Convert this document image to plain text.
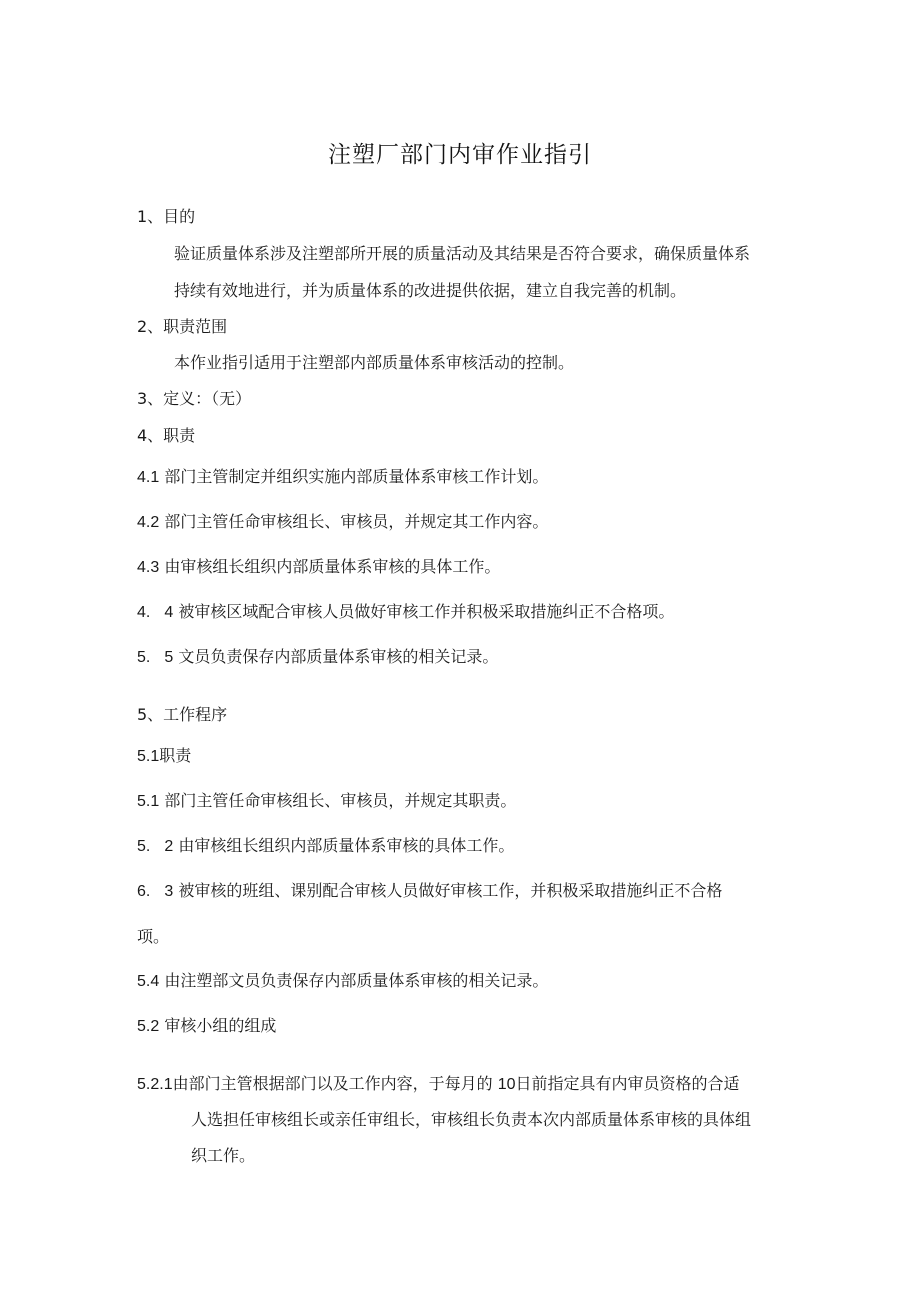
注塑厂部门内审作业指引
1、目的
验证质量体系涉及注塑部所开展的质量活动及其结果是否符合要求，确保质量体系
持续有效地进行，并为质量体系的改进提供依据，建立自我完善的机制。
2、职责范围
本作业指引适用于注塑部内部质量体系审核活动的控制。
3、定义：（无）
4、职责
4.1 部门主管制定并组织实施内部质量体系审核工作计划。
4.2 部门主管任命审核组长、审核员，并规定其工作内容。
4.3 由审核组长组织内部质量体系审核的具体工作。
4. 4 被审核区域配合审核人员做好审核工作并积极采取措施纠正不合格项。
5. 5 文员负责保存内部质量体系审核的相关记录。
5、工作程序
5.1职责
5.1 部门主管任命审核组长、审核员，并规定其职责。
5. 2 由审核组长组织内部质量体系审核的具体工作。
6. 3 被审核的班组、课别配合审核人员做好审核工作，并积极采取措施纠正不合格
项。
5.4 由注塑部文员负责保存内部质量体系审核的相关记录。
5.2 审核小组的组成
5.2.1由部门主管根据部门以及工作内容，于每月的 10日前指定具有内审员资格的合适
人选担任审核组长或亲任审组长，审核组长负责本次内部质量体系审核的具体组
织工作。
